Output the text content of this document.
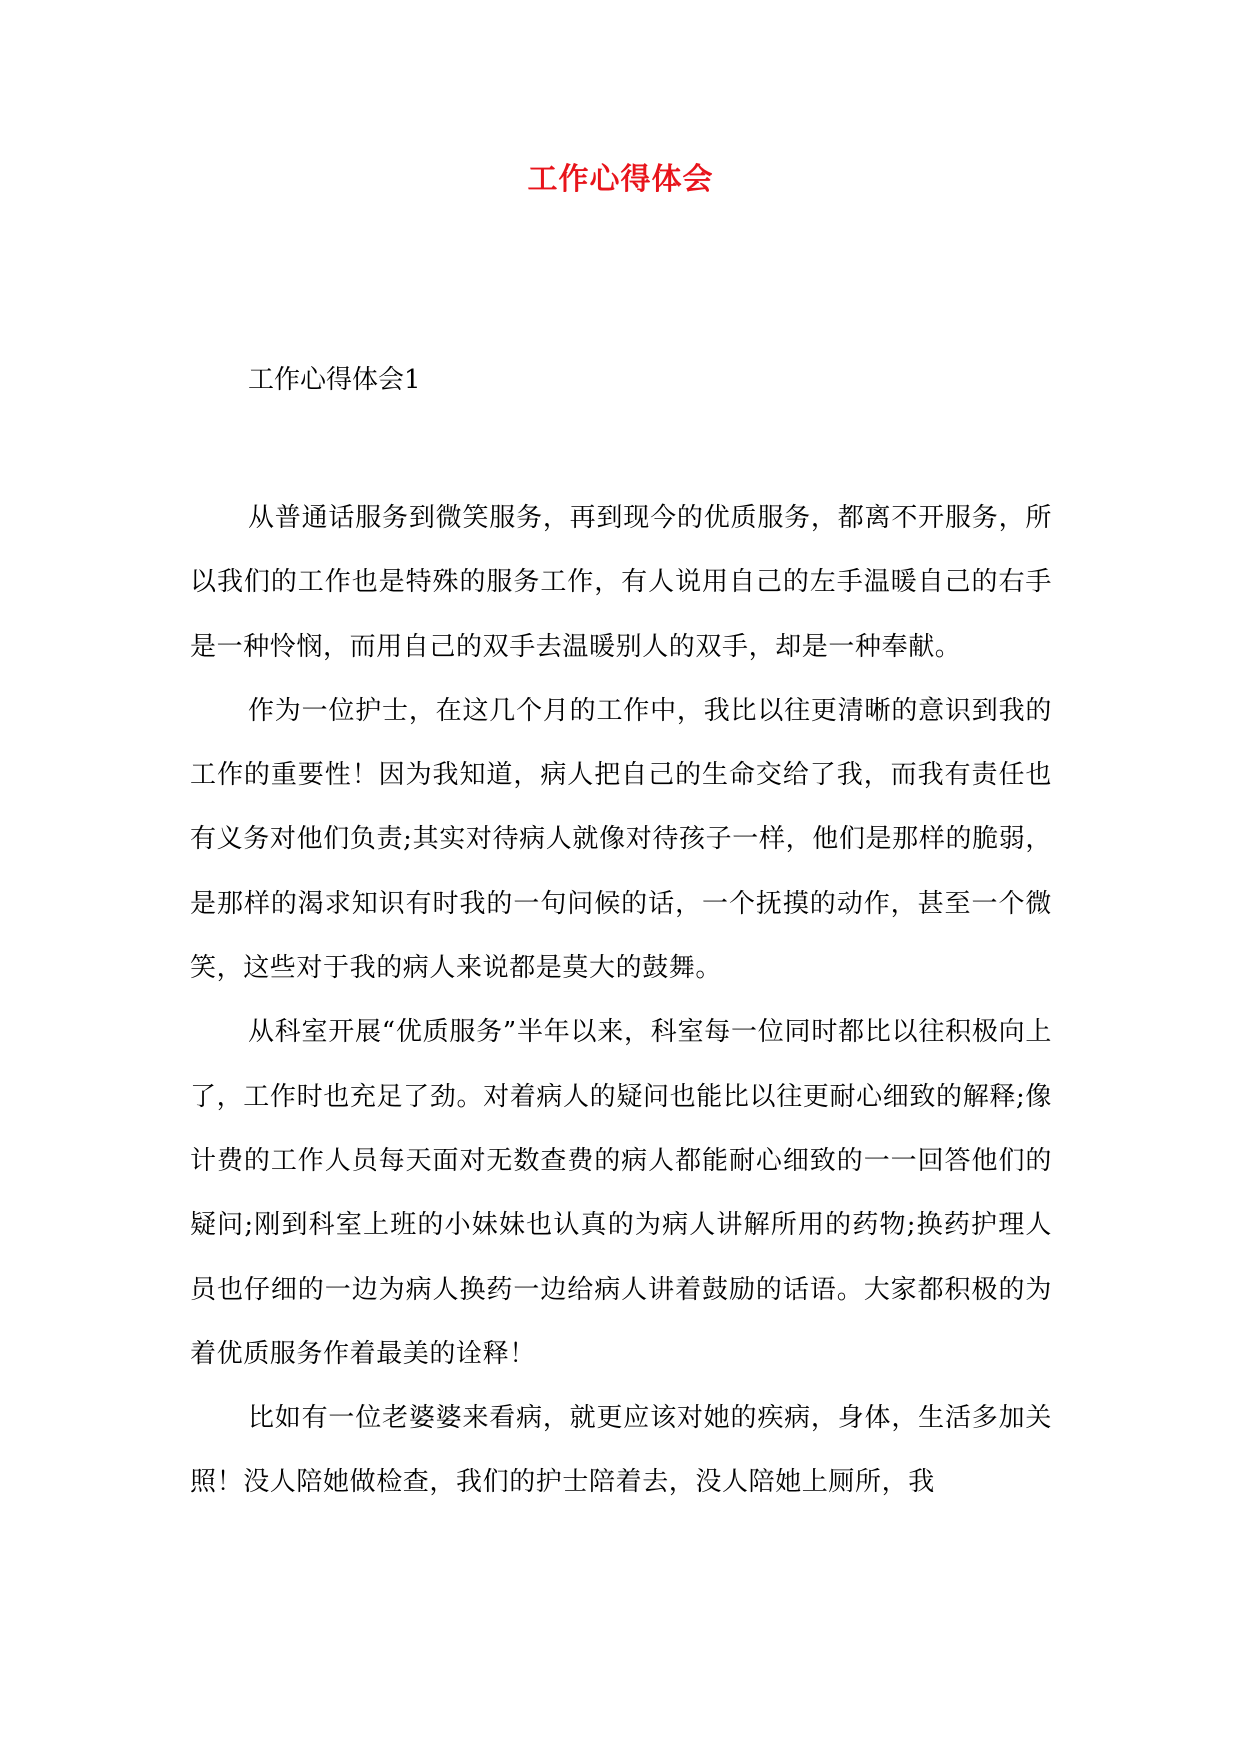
工作心得体会
工作心得体会1

从普通话服务到微笑服务，再到现今的优质服务，都离不开服务，所以我们的工作也是特殊的服务工作，有人说用自己的左手温暖自己的右手是一种怜悯，而用自己的双手去温暖别人的双手，却是一种奉献。

作为一位护士，在这几个月的工作中，我比以往更清晰的意识到我的工作的重要性！因为我知道，病人把自己的生命交给了我，而我有责任也有义务对他们负责;其实对待病人就像对待孩子一样，他们是那样的脆弱，是那样的渴求知识有时我的一句问候的话，一个抚摸的动作，甚至一个微笑，这些对于我的病人来说都是莫大的鼓舞。

从科室开展“优质服务”半年以来，科室每一位同时都比以往积极向上了，工作时也充足了劲。对着病人的疑问也能比以往更耐心细致的解释;像计费的工作人员每天面对无数查费的病人都能耐心细致的一一回答他们的疑问;刚到科室上班的小妹妹也认真的为病人讲解所用的药物;换药护理人员也仔细的一边为病人换药一边给病人讲着鼓励的话语。大家都积极的为着优质服务作着最美的诠释！

比如有一位老婆婆来看病，就更应该对她的疾病，身体，生活多加关照！没人陪她做检查，我们的护士陪着去，没人陪她上厕所，我
